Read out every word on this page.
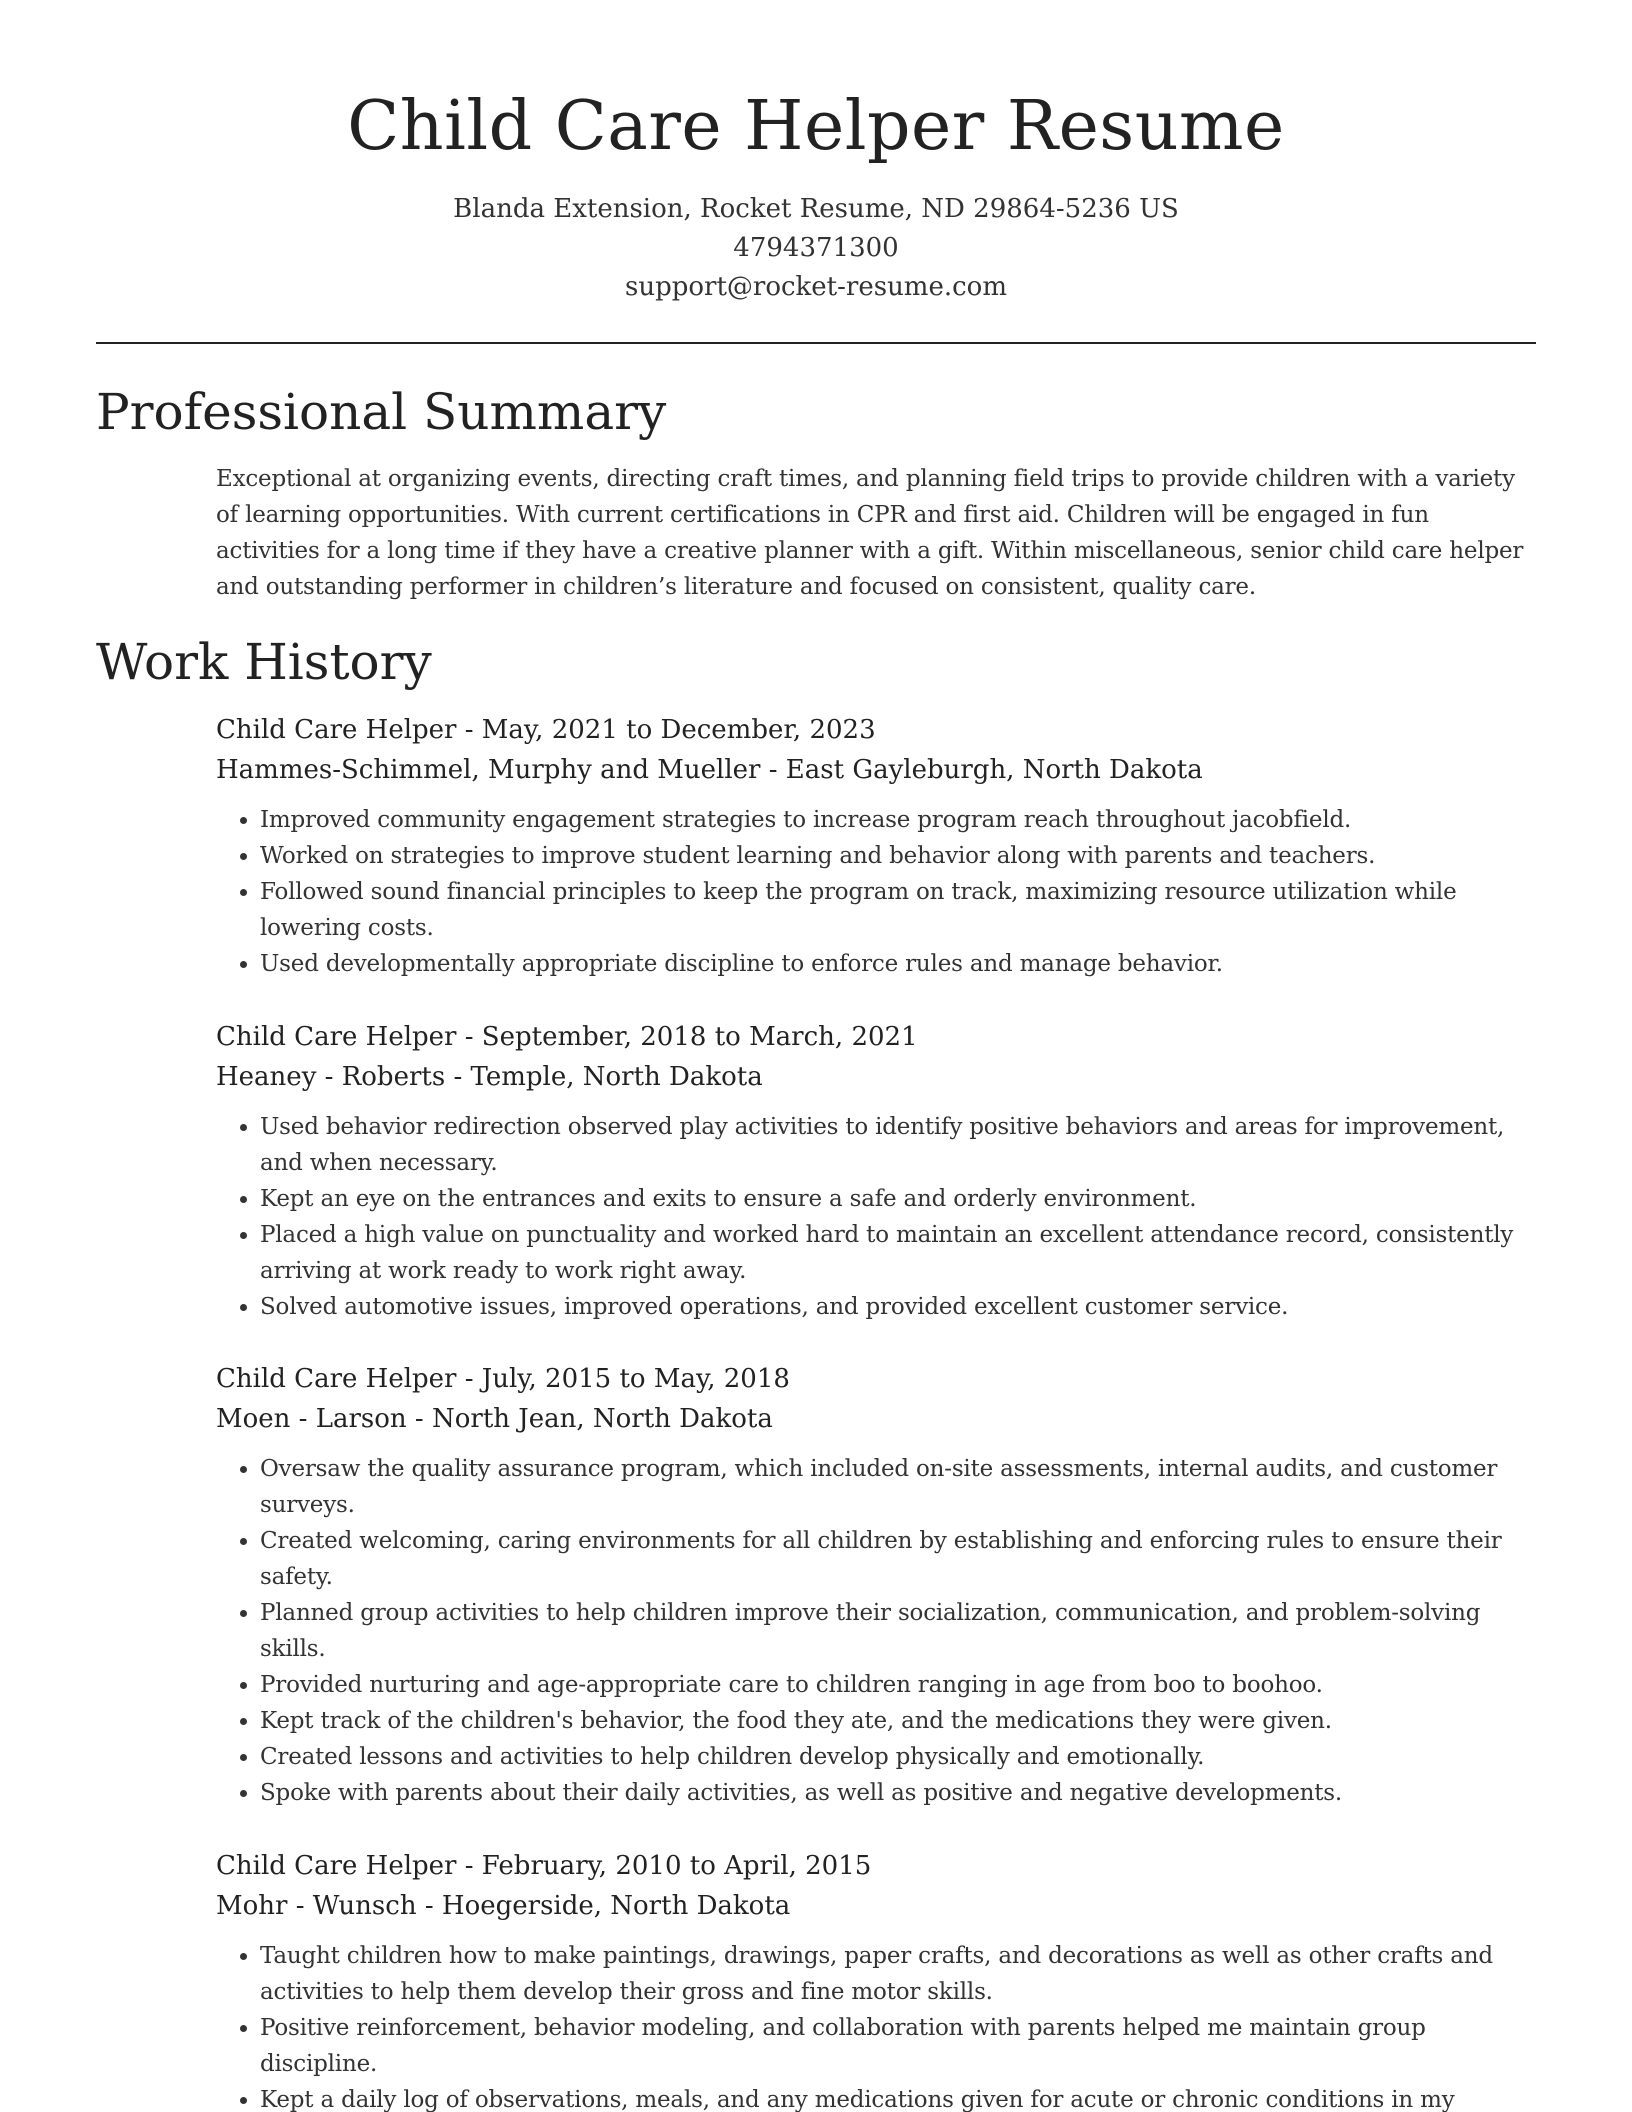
Child Care Helper Resume
Blanda Extension, Rocket Resume, ND 29864-5236 US
4794371300
support@rocket-resume.com
Professional Summary

Exceptional at organizing events, directing craft times, and planning field trips to provide children with a variety of learning opportunities. With current certifications in CPR and first aid. Children will be engaged in fun activities for a long time if they have a creative planner with a gift. Within miscellaneous, senior child care helper and outstanding performer in children’s literature and focused on consistent, quality care.

Work History
Child Care Helper - May, 2021 to December, 2023
Hammes-Schimmel, Murphy and Mueller - East Gayleburgh, North Dakota
• Improved community engagement strategies to increase program reach throughout jacobfield.
• Worked on strategies to improve student learning and behavior along with parents and teachers.
• Followed sound financial principles to keep the program on track, maximizing resource utilization while lowering costs.
• Used developmentally appropriate discipline to enforce rules and manage behavior.
Child Care Helper - September, 2018 to March, 2021
Heaney - Roberts - Temple, North Dakota
• Used behavior redirection observed play activities to identify positive behaviors and areas for improvement, and when necessary.
• Kept an eye on the entrances and exits to ensure a safe and orderly environment.
• Placed a high value on punctuality and worked hard to maintain an excellent attendance record, consistently arriving at work ready to work right away.
• Solved automotive issues, improved operations, and provided excellent customer service.
Child Care Helper - July, 2015 to May, 2018
Moen - Larson - North Jean, North Dakota
• Oversaw the quality assurance program, which included on-site assessments, internal audits, and customer surveys.
• Created welcoming, caring environments for all children by establishing and enforcing rules to ensure their safety.
• Planned group activities to help children improve their socialization, communication, and problem-solving skills.
• Provided nurturing and age-appropriate care to children ranging in age from boo to boohoo.
• Kept track of the children's behavior, the food they ate, and the medications they were given.
• Created lessons and activities to help children develop physically and emotionally.
• Spoke with parents about their daily activities, as well as positive and negative developments.
Child Care Helper - February, 2010 to April, 2015
Mohr - Wunsch - Hoegerside, North Dakota
• Taught children how to make paintings, drawings, paper crafts, and decorations as well as other crafts and activities to help them develop their gross and fine motor skills.
• Positive reinforcement, behavior modeling, and collaboration with parents helped me maintain group discipline.
• Kept a daily log of observations, meals, and any medications given for acute or chronic conditions in my
